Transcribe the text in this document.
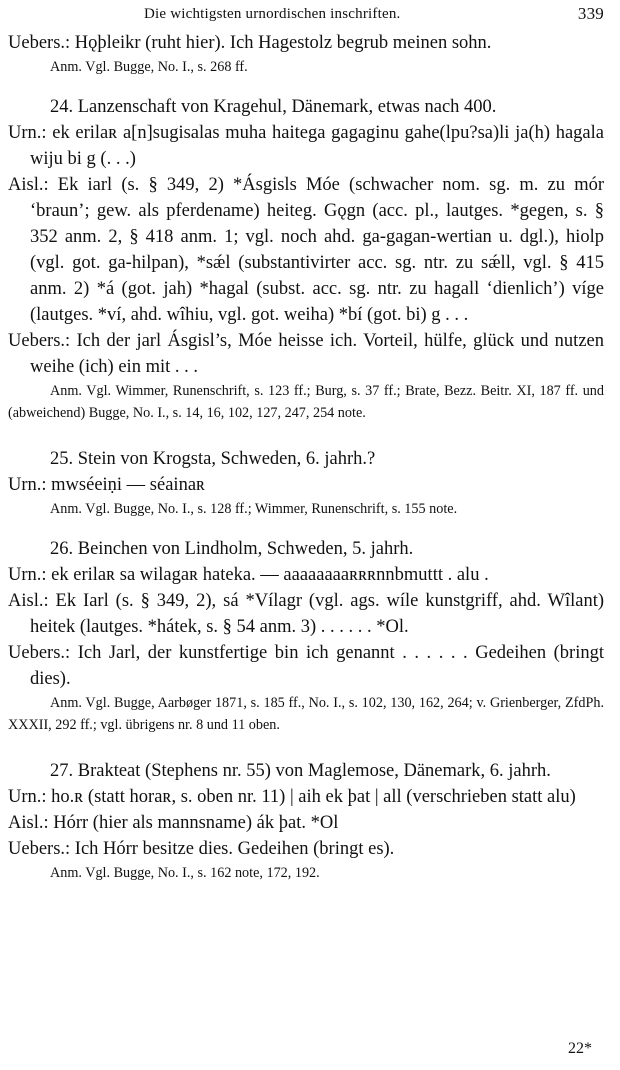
Die wichtigsten urnordischen inschriften.	339

Uebers.: Hǫþleikr (ruht hier). Ich Hagestolz begrub meinen sohn.

Anm. Vgl. Bugge, No. I., s. 268 ff.

24. Lanzenschaft von Kragehul, Dänemark, etwas nach 400.

Urn.: ek erilaʀ a[n]sugisalas muha haitega gagaginu gahe(lpu?sa)li ja(h) hagala wiju bi g (. . .)

Aisl.: Ek iarl (s. § 349, 2) *Ásgisls Móe (schwacher nom. sg. m. zu mór ‘braun’; gew. als pferdename) heiteg. Gǫgn (acc. pl., lautges. *gegen, s. § 352 anm. 2, § 418 anm. 1; vgl. noch ahd. ga-gagan-wertian u. dgl.), hiolp (vgl. got. ga-hilpan), *sǽl (substantivirter acc. sg. ntr. zu sǽll, vgl. § 415 anm. 2) *á (got. jah) *hagal (subst. acc. sg. ntr. zu hagall ‘dienlich’) víge (lautges. *ví, ahd. wîhiu, vgl. got. weiha) *bí (got. bi) g . . .

Uebers.: Ich der jarl Ásgisl’s, Móe heisse ich. Vorteil, hülfe, glück und nutzen weihe (ich) ein mit . . .

Anm. Vgl. Wimmer, Runenschrift, s. 123 ff.; Burg, s. 37 ff.; Brate, Bezz. Beitr. XI, 187 ff. und (abweichend) Bugge, No. I., s. 14, 16, 102, 127, 247, 254 note.

25. Stein von Krogsta, Schweden, 6. jahrh.?

Urn.: mwséeiṇi — séainaʀ

Anm. Vgl. Bugge, No. I., s. 128 ff.; Wimmer, Runenschrift, s. 155 note.

26. Beinchen von Lindholm, Schweden, 5. jahrh.

Urn.: ek erilaʀ sa wilagaʀ hateka. — aaaaaaaaʀʀʀnnbmuttt . alu .

Aisl.: Ek Iarl (s. § 349, 2), sá *Vílagr (vgl. ags. wíle kunstgriff, ahd. Wîlant) heitek (lautges. *hátek, s. § 54 anm. 3) . . . . . . *Ol.

Uebers.: Ich Jarl, der kunstfertige bin ich genannt . . . . . . Gedeihen (bringt dies).

Anm. Vgl. Bugge, Aarbøger 1871, s. 185 ff., No. I., s. 102, 130, 162, 264; v. Grienberger, ZfdPh. XXXII, 292 ff.; vgl. übrigens nr. 8 und 11 oben.

27. Brakteat (Stephens nr. 55) von Maglemose, Dänemark, 6. jahrh.

Urn.: ho.ʀ (statt horaʀ, s. oben nr. 11) | aih ek þat | all (verschrieben statt alu)

Aisl.: Hórr (hier als mannsname) ák þat. *Ol

Uebers.: Ich Hórr besitze dies. Gedeihen (bringt es).

Anm. Vgl. Bugge, No. I., s. 162 note, 172, 192.

22*
